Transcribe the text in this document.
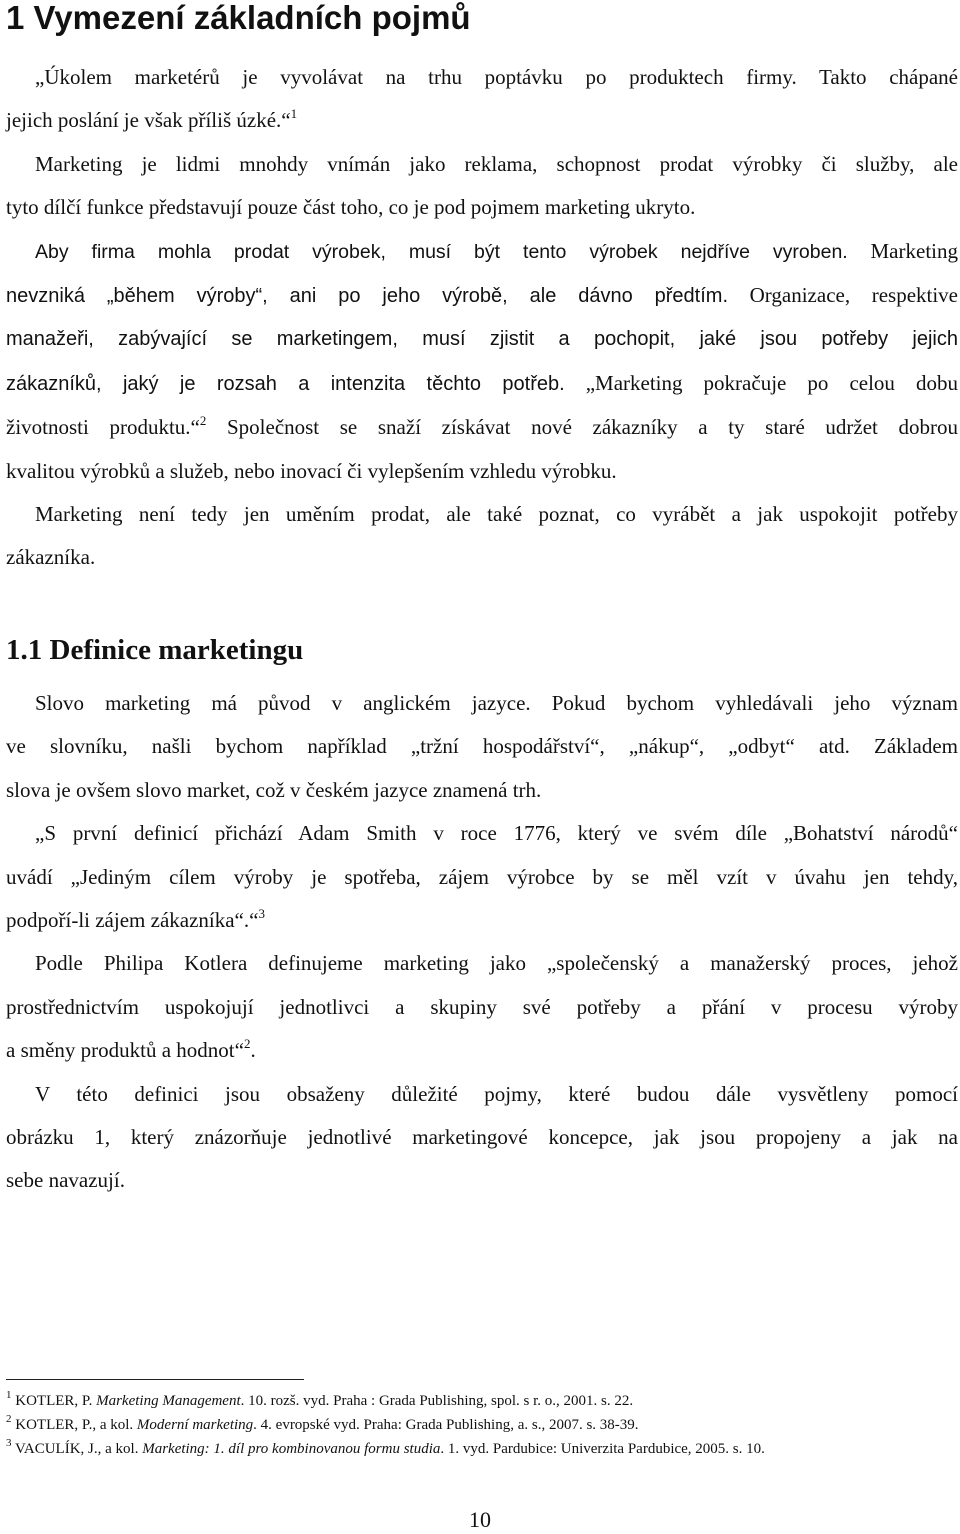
1 Vymezení základních pojmů
„Úkolem marketérů je vyvolávat na trhu poptávku po produktech firmy. Takto chápané
jejich poslání je však příliš úzké.“$^1$
Marketing je lidmi mnohdy vnímán jako reklama, schopnost prodat výrobky či služby, ale
tyto dílčí funkce představují pouze část toho, co je pod pojmem marketing ukryto.
Aby firma mohla prodat výrobek, musí být tento výrobek nejdříve vyroben. Marketing
nevzniká „během výroby“, ani po jeho výrobě, ale dávno předtím. Organizace, respektive
manažeři, zabývající se marketingem, musí zjistit a pochopit, jaké jsou potřeby jejich
zákazníků, jaký je rozsah a intenzita těchto potřeb. „Marketing pokračuje po celou dobu
životnosti produktu.“$^2$ Společnost se snaží získávat nové zákazníky a ty staré udržet dobrou
kvalitou výrobků a služeb, nebo inovací či vylepšením vzhledu výrobku.
Marketing není tedy jen uměním prodat, ale také poznat, co vyrábět a jak uspokojit potřeby
zákazníka.
1.1 Definice marketingu
Slovo marketing má původ v anglickém jazyce. Pokud bychom vyhledávali jeho význam
ve slovníku, našli bychom například „tržní hospodářství“, „nákup“, „odbyt“ atd. Základem
slova je ovšem slovo market, což v českém jazyce znamená trh.
„S první definicí přichází Adam Smith v roce 1776, který ve svém díle „Bohatství národů“
uvádí „Jediným cílem výroby je spotřeba, zájem výrobce by se měl vzít v úvahu jen tehdy,
podpoří-li zájem zákazníka“.“$^3$
Podle Philipa Kotlera definujeme marketing jako „společenský a manažerský proces, jehož
prostřednictvím uspokojují jednotlivci a skupiny své potřeby a přání v procesu výroby
a směny produktů a hodnot“$^2$.
V této definici jsou obsaženy důležité pojmy, které budou dále vysvětleny pomocí
obrázku 1, který znázorňuje jednotlivé marketingové koncepce, jak jsou propojeny a jak na
sebe navazují.

$^1$ KOTLER, P. Marketing Management. 10. rozš. vyd. Praha : Grada Publishing, spol. s r. o., 2001. s. 22.

$^2$ KOTLER, P., a kol. Moderní marketing. 4. evropské vyd. Praha: Grada Publishing, a. s., 2007. s. 38-39.

$^3$ VACULÍK, J., a kol. Marketing: 1. díl pro kombinovanou formu studia. 1. vyd. Pardubice: Univerzita Pardubice, 2005. s. 10.

10
